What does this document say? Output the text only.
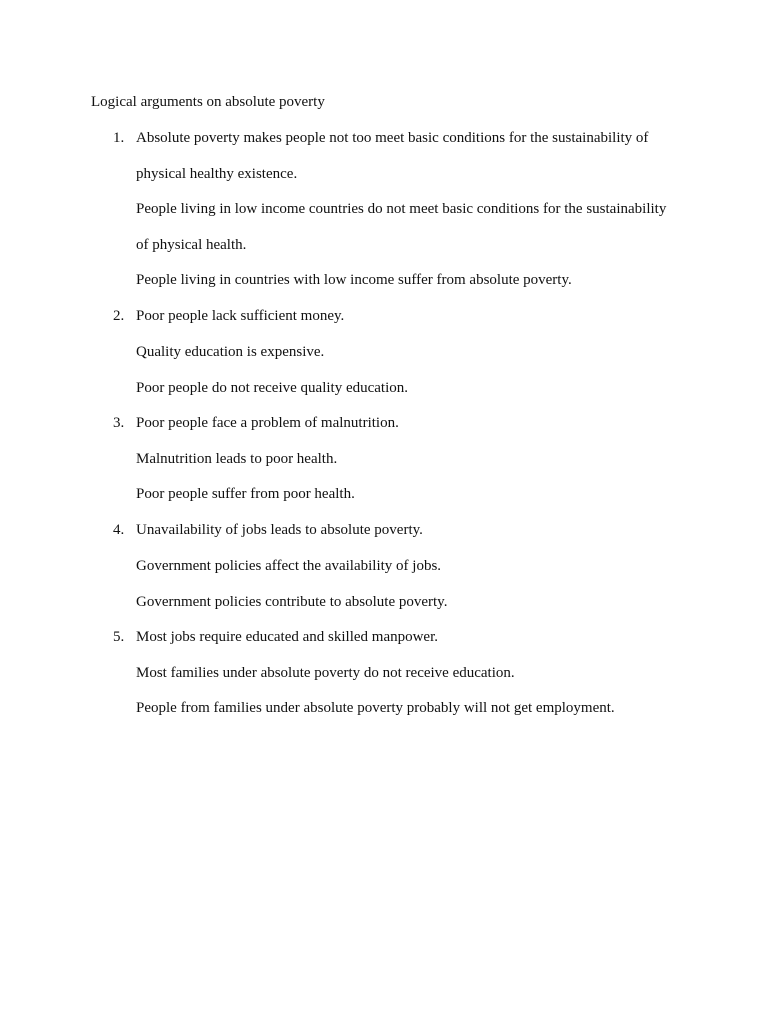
Logical arguments on absolute poverty
1. Absolute poverty makes people not too meet basic conditions for the sustainability of
physical healthy existence.
People living in low income countries do not meet basic conditions for the sustainability
of physical health.
People living in countries with low income suffer from absolute poverty.
2. Poor people lack sufficient money.
Quality education is expensive.
Poor people do not receive quality education.
3. Poor people face a problem of malnutrition.
Malnutrition leads to poor health.
Poor people suffer from poor health.
4. Unavailability of jobs leads to absolute poverty.
Government policies affect the availability of jobs.
Government policies contribute to absolute poverty.
5. Most jobs require educated and skilled manpower.
Most families under absolute poverty do not receive education.
People from families under absolute poverty probably will not get employment.
